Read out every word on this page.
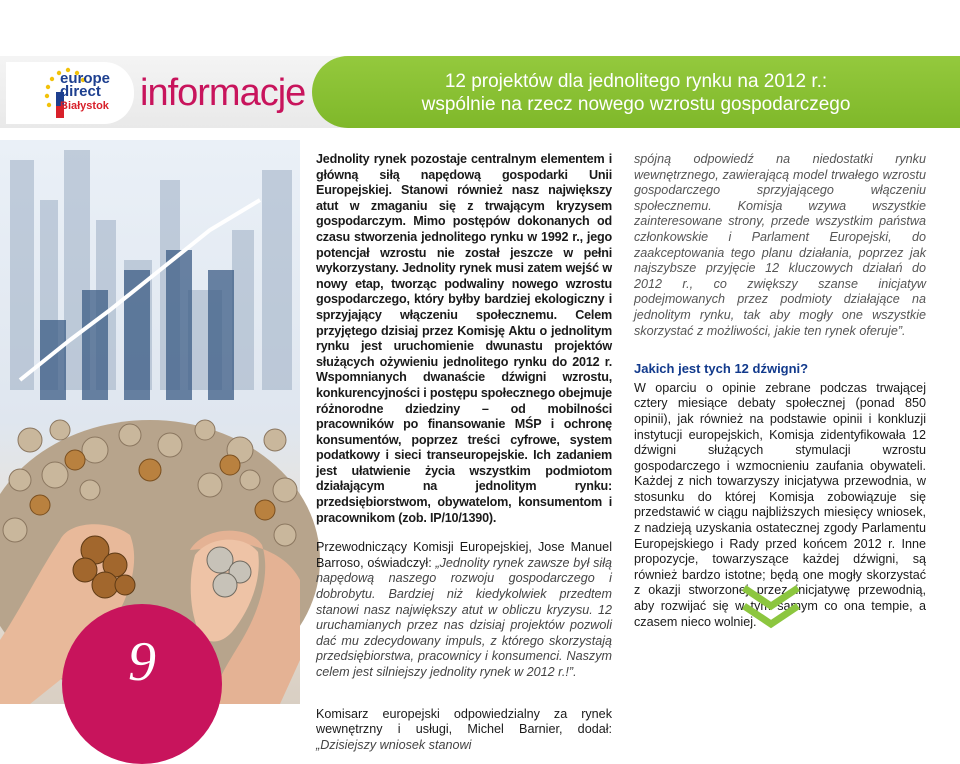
europe
direct
Białystok informacje	12 projektów dla jednolitego rynku na 2012 r.:
wspólnie na rzecz nowego wzrostu gospodarczego

Jednolity rynek pozostaje centralnym elementem i główną siłą napędową gospodarki Unii Europejskiej. Stanowi również nasz największy atut w zmaganiu się z trwającym kryzysem gospodarczym. Mimo postępów dokonanych od czasu stworzenia jednolitego rynku w 1992 r., jego potencjał wzrostu nie został jeszcze w pełni wykorzystany. Jednolity rynek musi zatem wejść w nowy etap, tworząc podwaliny nowego wzrostu gospodarczego, który byłby bardziej ekologiczny i sprzyjający włączeniu społecznemu. Celem przyjętego dzisiaj przez Komisję Aktu o jednolitym rynku jest uruchomienie dwunastu projektów służących ożywieniu jednolitego rynku do 2012 r. Wspomnianych dwanaście dźwigni wzrostu, konkurencyjności i postępu społecznego obejmuje różnorodne dziedziny – od mobilności pracowników po finansowanie MŚP i ochronę konsumentów, poprzez treści cyfrowe, system podatkowy i sieci transeuropejskie. Ich zadaniem jest ułatwienie życia wszystkim podmiotom działającym na jednolitym rynku: przedsiębiorstwom, obywatelom, konsumentom i pracownikom (zob. IP/10/1390).

Przewodniczący Komisji Europejskiej, Jose Manuel Barroso, oświadczył: „Jednolity rynek zawsze był siłą napędową naszego rozwoju gospodarczego i dobrobytu. Bardziej niż kiedykolwiek przedtem stanowi nasz największy atut w obliczu kryzysu. 12 uruchamianych przez nas dzisiaj projektów pozwoli dać mu zdecydowany impuls, z którego skorzystają przedsiębiorstwa, pracownicy i konsumenci. Naszym celem jest silniejszy jednolity rynek w 2012 r.!”.

Komisarz europejski odpowiedzialny za rynek wewnętrzny i usługi, Michel Barnier, dodał: „Dzisiejszy wniosek stanowi

spójną odpowiedź na niedostatki rynku wewnętrznego, zawierającą model trwałego wzrostu gospodarczego sprzyjającego włączeniu społecznemu. Komisja wzywa wszystkie zainteresowane strony, przede wszystkim państwa członkowskie i Parlament Europejski, do zaakceptowania tego planu działania, poprzez jak najszybsze przyjęcie 12 kluczowych działań do 2012 r., co zwiększy szanse inicjatyw podejmowanych przez podmioty działające na jednolitym rynku, tak aby mogły one wszystkie skorzystać z możliwości, jakie ten rynek oferuje”.

Jakich jest tych 12 dźwigni?

W oparciu o opinie zebrane podczas trwającej cztery miesiące debaty społecznej (ponad 850 opinii), jak również na podstawie opinii i konkluzji instytucji europejskich, Komisja zidentyfikowała 12 dźwigni służących stymulacji wzrostu gospodarczego i wzmocnieniu zaufania obywateli. Każdej z nich towarzyszy inicjatywa przewodnia, w stosunku do której Komisja zobowiązuje się przedstawić w ciągu najbliższych miesięcy wniosek, z nadzieją uzyskania ostatecznej zgody Parlamentu Europejskiego i Rady przed końcem 2012 r. Inne propozycje, towarzyszące każdej dźwigni, są również bardzo istotne; będą one mogły skorzystać z okazji stworzonej przez inicjatywę przewodnią, aby rozwijać się w tym samym co ona tempie, a czasem nieco wolniej.

9
